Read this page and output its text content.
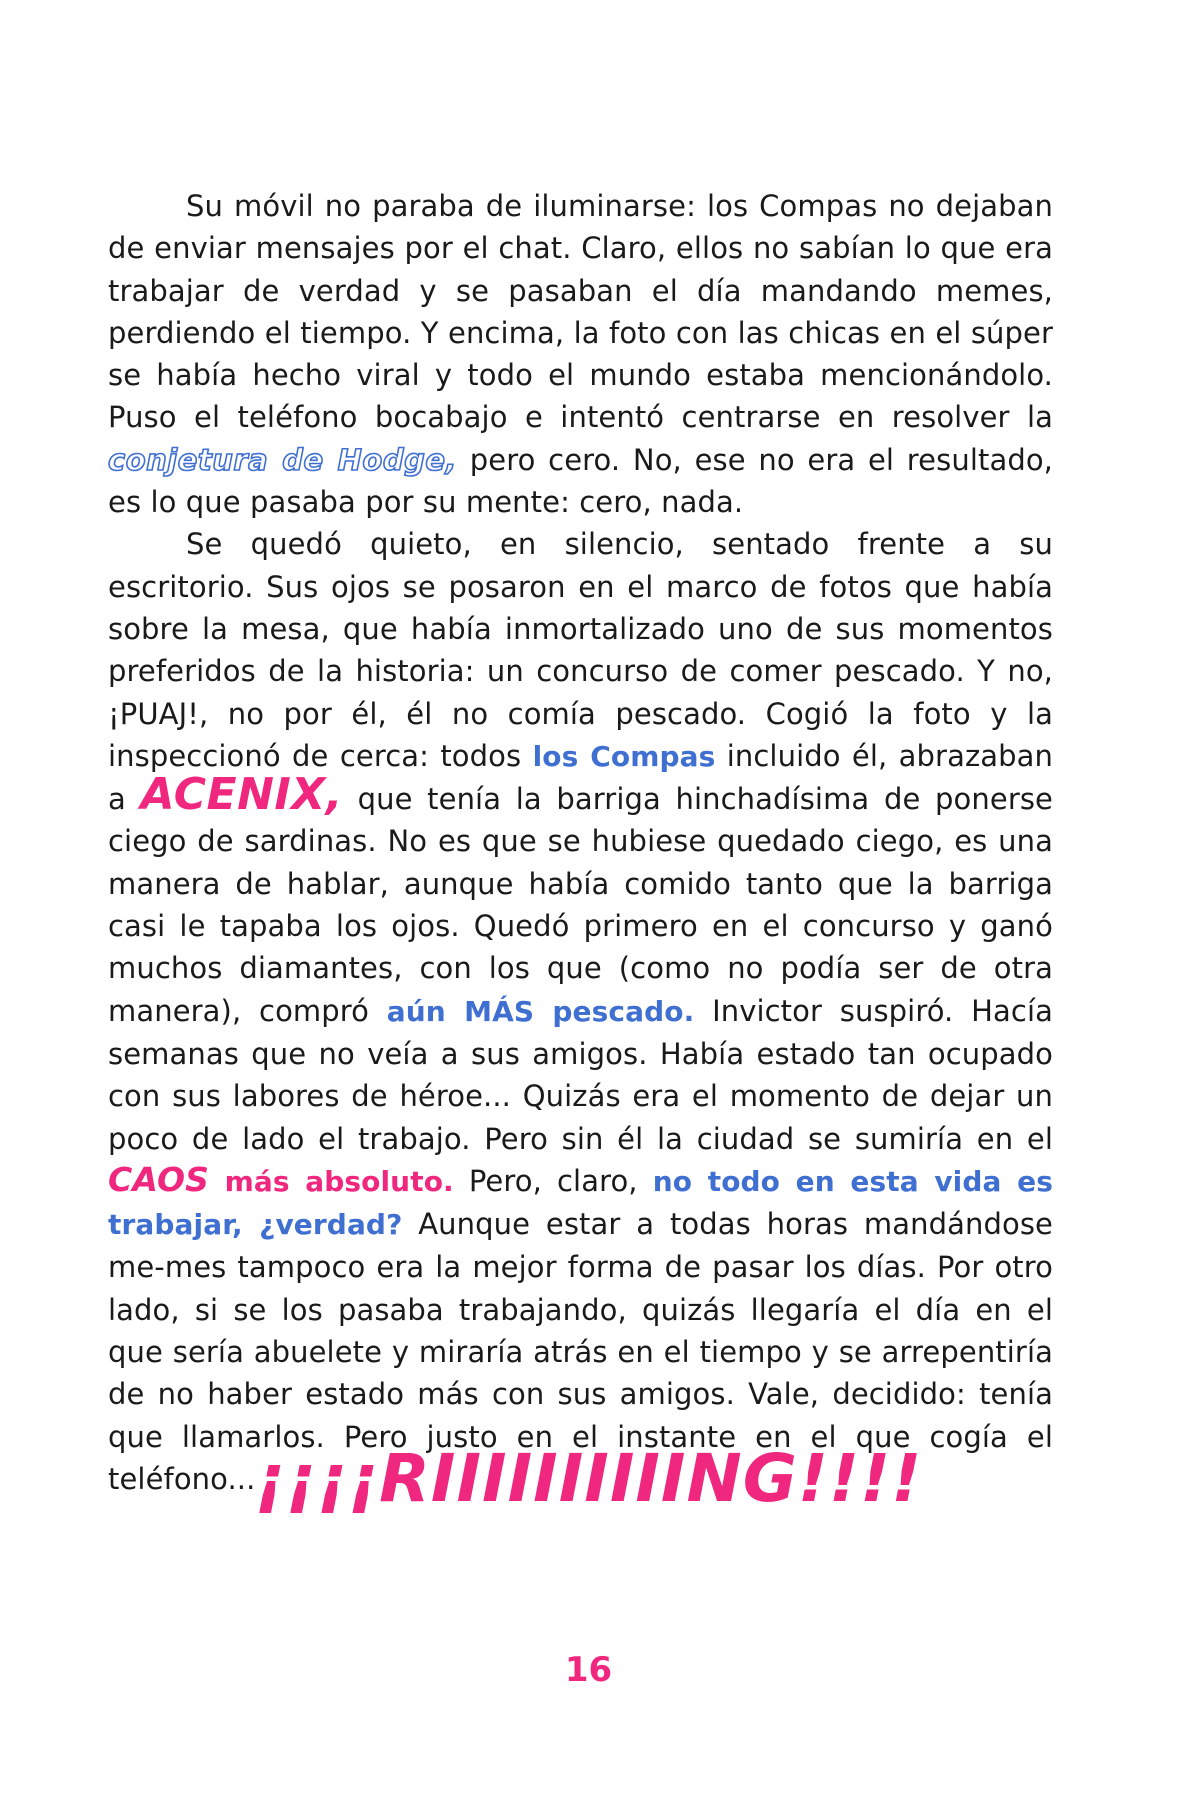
Su móvil no paraba de iluminarse: los Compas no dejaban de enviar mensajes por el chat. Claro, ellos no sabían lo que era trabajar de verdad y se pasaban el día mandando memes, perdiendo el tiempo. Y encima, la foto con las chicas en el súper se había hecho viral y todo el mundo estaba mencionándolo. Puso el teléfono bocabajo e intentó centrarse en resolver la conjetura de Hodge, pero cero. No, ese no era el resultado, es lo que pasaba por su mente: cero, nada.

Se quedó quieto, en silencio, sentado frente a su escritorio. Sus ojos se posaron en el marco de fotos que había sobre la mesa, que había inmortalizado uno de sus momentos preferidos de la historia: un concurso de comer pescado. Y no, ¡PUAJ!, no por él, él no comía pescado. Cogió la foto y la inspeccionó de cerca: todos los Compas incluido él, abrazaban a ACENIX, que tenía la barriga hinchadísima de ponerse ciego de sardinas. No es que se hubiese quedado ciego, es una manera de hablar, aunque había comido tanto que la barriga casi le tapaba los ojos. Quedó primero en el concurso y ganó muchos diamantes, con los que (como no podía ser de otra manera), compró aún MÁS pescado. Invictor suspiró. Hacía semanas que no veía a sus amigos. Había estado tan ocupado con sus labores de héroe... Quizás era el momento de dejar un poco de lado el trabajo. Pero sin él la ciudad se sumiría en el CAOS más absoluto. Pero, claro, no todo en esta vida es trabajar, ¿verdad? Aunque estar a todas horas mandándose me-mes tampoco era la mejor forma de pasar los días. Por otro lado, si se los pasaba trabajando, quizás llegaría el día en el que sería abuelete y miraría atrás en el tiempo y se arrepentiría de no haber estado más con sus amigos. Vale, decidido: tenía que llamarlos. Pero justo en el instante en el que cogía el teléfono... ¡¡¡¡RIIIIIIIIIING!!!!
16
